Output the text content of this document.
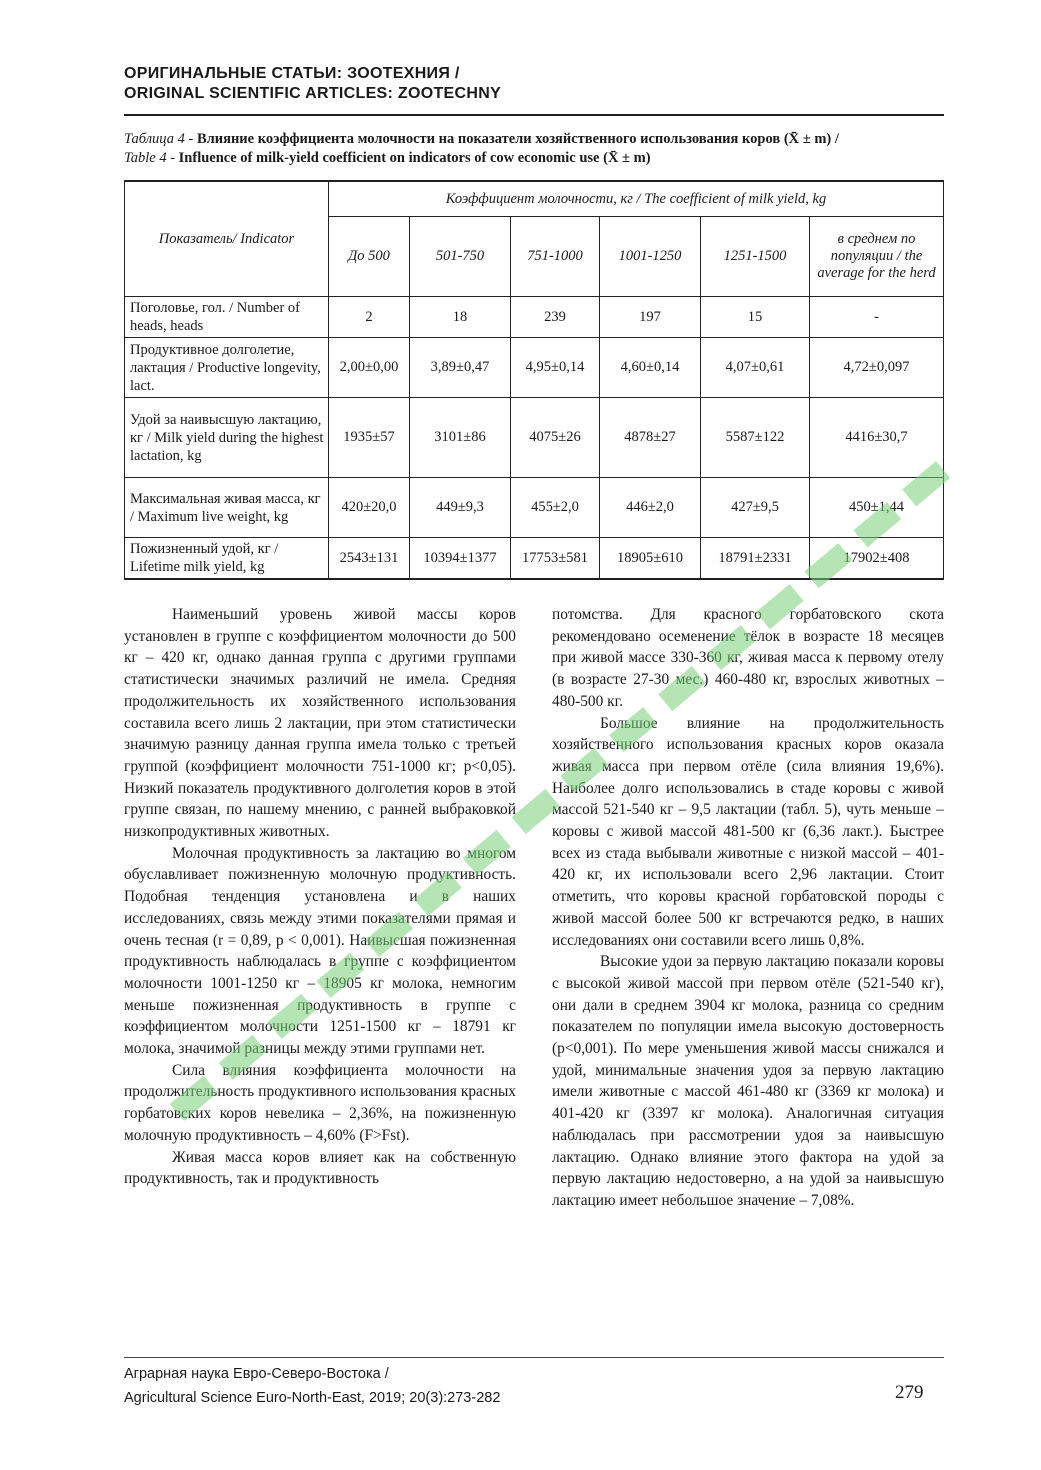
ОРИГИНАЛЬНЫЕ СТАТЬИ: ЗООТЕХНИЯ /
ORIGINAL SCIENTIFIC ARTICLES: ZOOTECHNY
Таблица 4 - Влияние коэффициента молочности на показатели хозяйственного использования коров (X̄ ± m) /
Table 4 - Influence of milk-yield coefficient on indicators of cow economic use (X̄ ± m)
Показатель/ Indicator	Коэффициент молочности, кг / The coefficient of milk yield, kg					
	До 500	501-750	751-1000	1001-1250	1251-1500	в среднем по популяции / the average for the herd
Поголовье, гол. / Number of heads, heads	2	18	239	197	15	-
Продуктивное долголетие, лактация / Productive longevity, lact.	2,00±0,00	3,89±0,47	4,95±0,14	4,60±0,14	4,07±0,61	4,72±0,097
Удой за наивысшую лактацию, кг / Milk yield during the highest lactation, kg	1935±57	3101±86	4075±26	4878±27	5587±122	4416±30,7
Максимальная живая масса, кг / Maximum live weight, kg	420±20,0	449±9,3	455±2,0	446±2,0	427±9,5	450±1,44
Пожизненный удой, кг / Lifetime milk yield, kg	2543±131	10394±1377	17753±581	18905±610	18791±2331	17902±408

Наименьший уровень живой массы коров установлен в группе с коэффициентом молочности до 500 кг – 420 кг, однако данная группа с другими группами статистически значимых различий не имела. Средняя продолжительность их хозяйственного использования составила всего лишь 2 лактации, при этом статистически значимую разницу данная группа имела только с третьей группой (коэффициент молочности 751-1000 кг; p<0,05). Низкий показатель продуктивного долголетия коров в этой группе связан, по нашему мнению, с ранней выбраковкой низкопродуктивных животных.

Молочная продуктивность за лактацию во многом обуславливает пожизненную молочную продуктивность. Подобная тенденция установлена и в наших исследованиях, связь между этими показателями прямая и очень тесная (r = 0,89, p < 0,001). Наивысшая пожизненная продуктивность наблюдалась в группе с коэффициентом молочности 1001-1250 кг – 18905 кг молока, немногим меньше пожизненная продуктивность в группе с коэффициентом молочности 1251-1500 кг – 18791 кг молока, значимой разницы между этими группами нет.

Сила влияния коэффициента молочности на продолжительность продуктивного использования красных горбатовских коров невелика – 2,36%, на пожизненную молочную продуктивность – 4,60% (F>Fst).

Живая масса коров влияет как на собственную продуктивность, так и продуктивность

потомства. Для красного горбатовского скота рекомендовано осеменение тёлок в возрасте 18 месяцев при живой массе 330-360 кг, живая масса к первому отелу (в возрасте 27-30 мес.) 460-480 кг, взрослых животных – 480-500 кг.

Большое влияние на продолжительность хозяйственного использования красных коров оказала живая масса при первом отёле (сила влияния 19,6%). Наиболее долго использовались в стаде коровы с живой массой 521-540 кг – 9,5 лактации (табл. 5), чуть меньше – коровы с живой массой 481-500 кг (6,36 лакт.). Быстрее всех из стада выбывали животные с низкой массой – 401-420 кг, их использовали всего 2,96 лактации. Стоит отметить, что коровы красной горбатовской породы с живой массой более 500 кг встречаются редко, в наших исследованиях они составили всего лишь 0,8%.

Высокие удои за первую лактацию показали коровы с высокой живой массой при первом отёле (521-540 кг), они дали в среднем 3904 кг молока, разница со средним показателем по популяции имела высокую достоверность (p<0,001). По мере уменьшения живой массы снижался и удой, минимальные значения удоя за первую лактацию имели животные с массой 461-480 кг (3369 кг молока) и 401-420 кг (3397 кг молока). Аналогичная ситуация наблюдалась при рассмотрении удоя за наивысшую лактацию. Однако влияние этого фактора на удой за первую лактацию недостоверно, а на удой за наивысшую лактацию имеет небольшое значение – 7,08%.

Аграрная наука Евро-Северо-Востока /
Agricultural Science Euro-North-East, 2019; 20(3):273-282	279
